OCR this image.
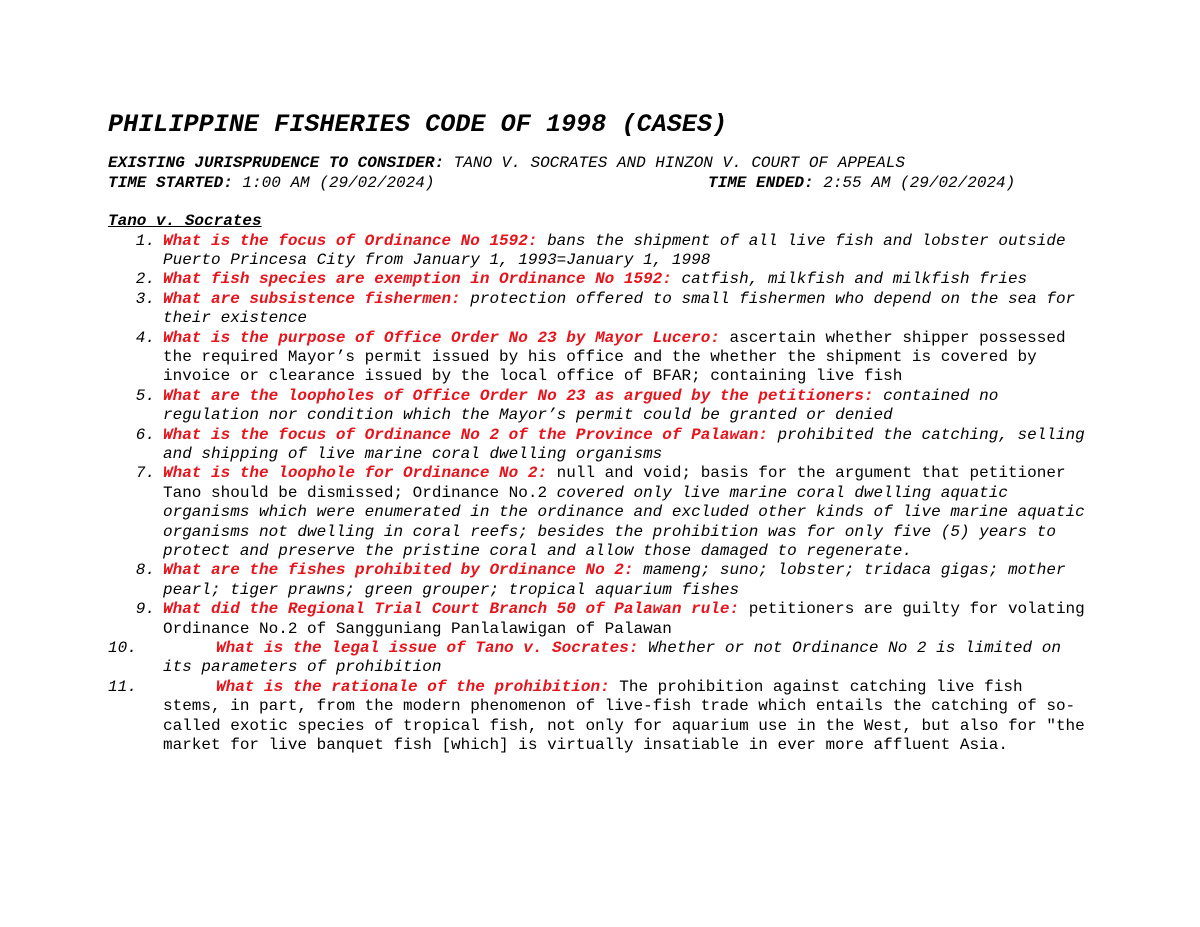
PHILIPPINE FISHERIES CODE OF 1998 (CASES)
EXISTING JURISPRUDENCE TO CONSIDER: TANO V. SOCRATES AND HINZON V. COURT OF APPEALS
TIME STARTED: 1:00 AM (29/02/2024)	TIME ENDED: 2:55 AM (29/02/2024)
Tano v. Socrates
1. What is the focus of Ordinance No 1592: bans the shipment of all live fish and lobster outside Puerto Princesa City from January 1, 1993=January 1, 1998
2. What fish species are exemption in Ordinance No 1592: catfish, milkfish and milkfish fries
3. What are subsistence fishermen: protection offered to small fishermen who depend on the sea for their existence
4. What is the purpose of Office Order No 23 by Mayor Lucero: ascertain whether shipper possessed the required Mayor’s permit issued by his office and the whether the shipment is covered by invoice or clearance issued by the local office of BFAR; containing live fish
5. What are the loopholes of Office Order No 23 as argued by the petitioners: contained no regulation nor condition which the Mayor’s permit could be granted or denied
6. What is the focus of Ordinance No 2 of the Province of Palawan: prohibited the catching, selling and shipping of live marine coral dwelling organisms
7. What is the loophole for Ordinance No 2: null and void; basis for the argument that petitioner Tano should be dismissed; Ordinance No.2 covered only live marine coral dwelling aquatic organisms which were enumerated in the ordinance and excluded other kinds of live marine aquatic organisms not dwelling in coral reefs; besides the prohibition was for only five (5) years to protect and preserve the pristine coral and allow those damaged to regenerate.
8. What are the fishes prohibited by Ordinance No 2: mameng; suno; lobster; tridaca gigas; mother pearl; tiger prawns; green grouper; tropical aquarium fishes
9. What did the Regional Trial Court Branch 50 of Palawan rule: petitioners are guilty for volating Ordinance No.2 of Sangguniang Panlalawigan of Palawan
10.	What is the legal issue of Tano v. Socrates: Whether or not Ordinance No 2 is limited on its parameters of prohibition
11.	What is the rationale of the prohibition: The prohibition against catching live fish stems, in part, from the modern phenomenon of live-fish trade which entails the catching of so-called exotic species of tropical fish, not only for aquarium use in the West, but also for "the market for live banquet fish [which] is virtually insatiable in ever more affluent Asia.
